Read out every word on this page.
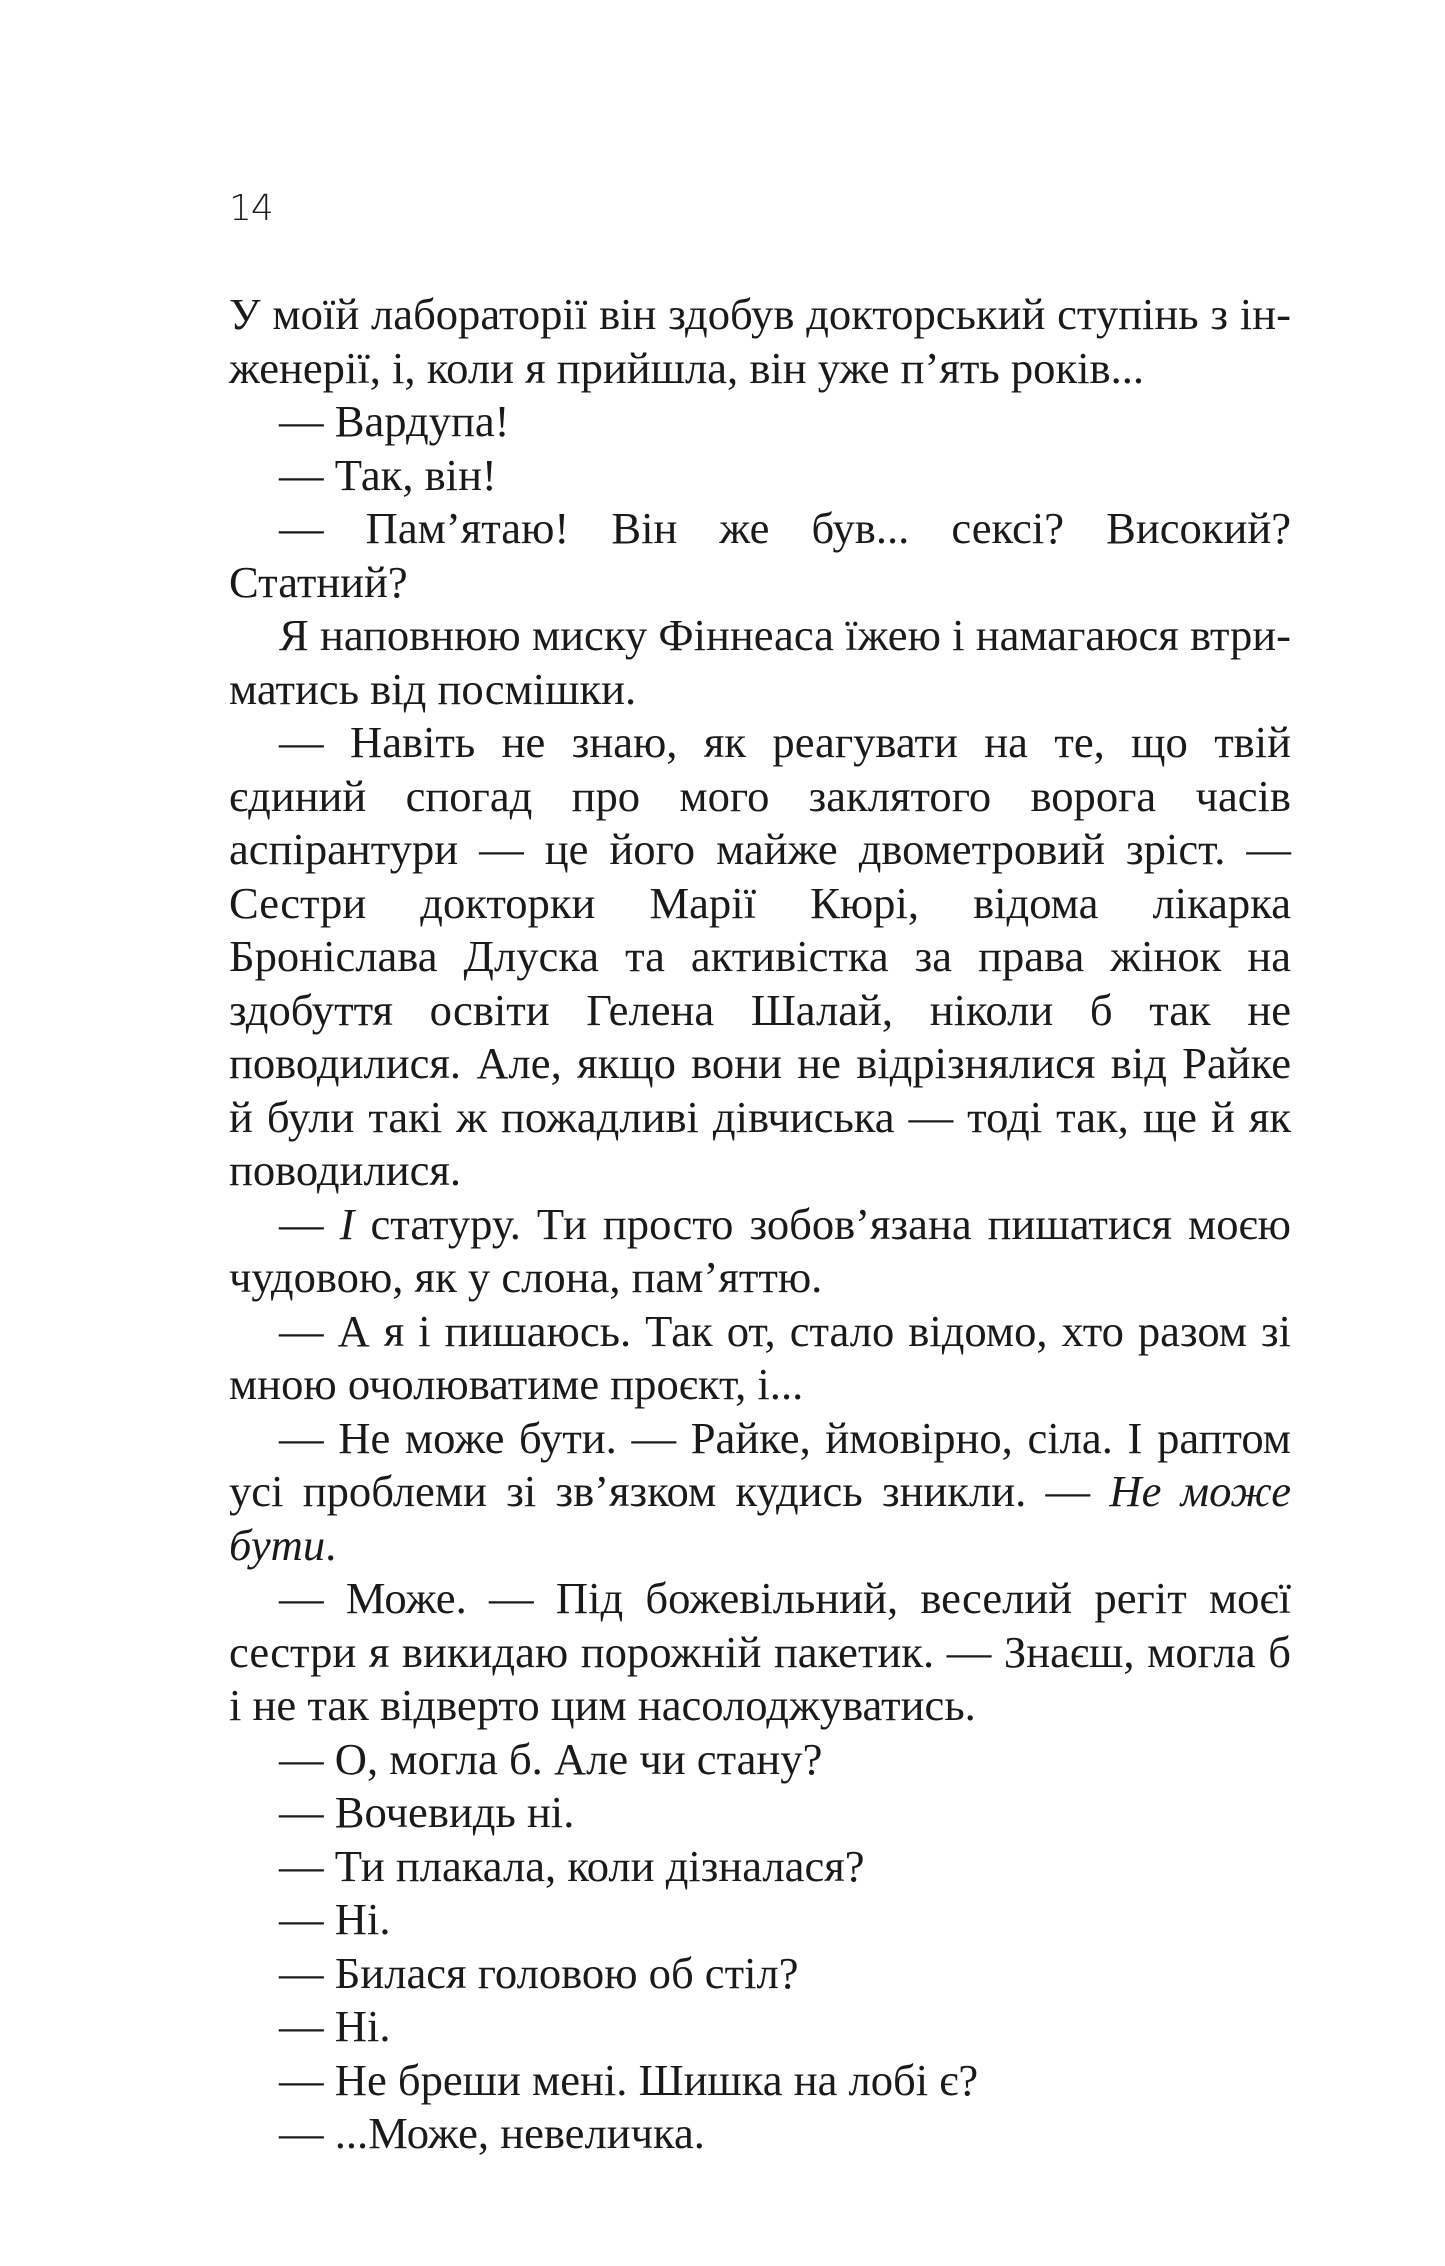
14

У моїй лабораторії він здобув докторський ступінь з інженерії, і, коли я прийшла, він уже п’ять років...

— Вардупа!

— Так, він!

— Пам’ятаю! Він же був... сексі? Високий? Статний?

Я наповнюю миску Фіннеаса їжею і намагаюся втриматись від посмішки.

— Навіть не знаю, як реагувати на те, що твій єдиний спогад про мого заклятого ворога часів аспірантури — це його майже двометровий зріст. — Сестри докторки Марії Кюрі, відома лікарка Броніслава Длуска та активістка за права жінок на здобуття освіти Гелена Шалай, ніколи б так не поводилися. Але, якщо вони не відрізнялися від Райке й були такі ж пожадливі дівчиська — тоді так, ще й як поводилися.

— І статуру. Ти просто зобов’язана пишатися моєю чудовою, як у слона, пам’яттю.

— А я і пишаюсь. Так от, стало відомо, хто разом зі мною очолюватиме проєкт, і...

— Не може бути. — Райке, ймовірно, сіла. І раптом усі проблеми зі зв’язком кудись зникли. — Не може бути.

— Може. — Під божевільний, веселий регіт моєї сестри я викидаю порожній пакетик. — Знаєш, могла б і не так відверто цим насолоджуватись.

— О, могла б. Але чи стану?

— Вочевидь ні.

— Ти плакала, коли дізналася?

— Ні.

— Билася головою об стіл?

— Ні.

— Не бреши мені. Шишка на лобі є?

— ...Може, невеличка.
